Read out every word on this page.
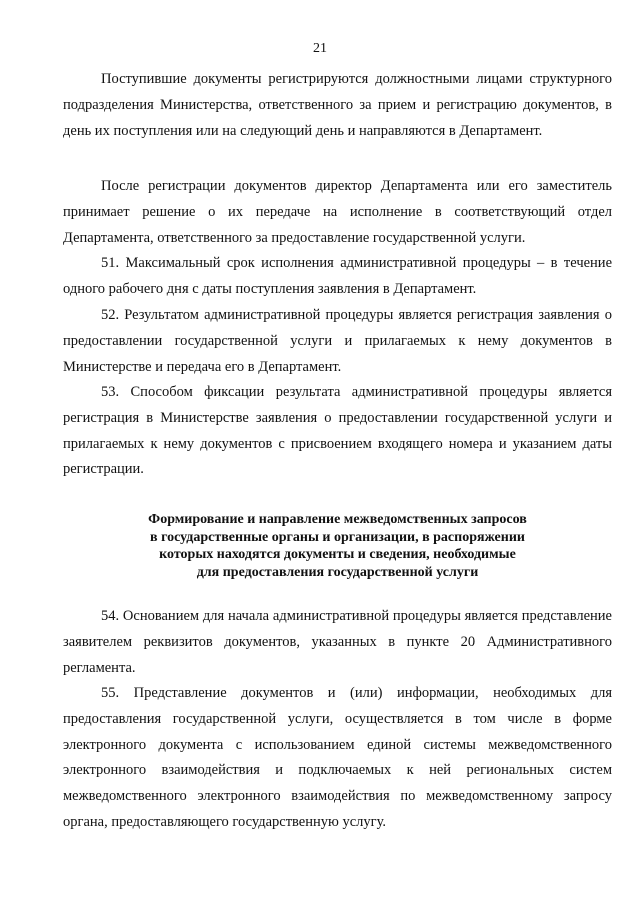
21

Поступившие документы регистрируются должностными лицами структурного подразделения Министерства, ответственного за прием и регистрацию документов, в день их поступления или на следующий день и направляются в Департамент.

После регистрации документов директор Департамента или его заместитель принимает решение о их передаче на исполнение в соответствующий отдел Департамента, ответственного за предоставление государственной услуги.

51. Максимальный срок исполнения административной процедуры – в течение одного рабочего дня с даты поступления заявления в Департамент.

52. Результатом административной процедуры является регистрация заявления о предоставлении государственной услуги и прилагаемых к нему документов в Министерстве и передача его в Департамент.

53. Способом фиксации результата административной процедуры является регистрация в Министерстве заявления о предоставлении государственной услуги и прилагаемых к нему документов с присвоением входящего номера и указанием даты регистрации.

Формирование и направление межведомственных запросов
в государственные органы и организации, в распоряжении
которых находятся документы и сведения, необходимые
для предоставления государственной услуги

54. Основанием для начала административной процедуры является представление заявителем реквизитов документов, указанных в пункте 20 Административного регламента.

55. Представление документов и (или) информации, необходимых для предоставления государственной услуги, осуществляется в том числе в форме электронного документа с использованием единой системы межведомственного электронного взаимодействия и подключаемых к ней региональных систем межведомственного электронного взаимодействия по межведомственному запросу органа, предоставляющего государственную услугу.
